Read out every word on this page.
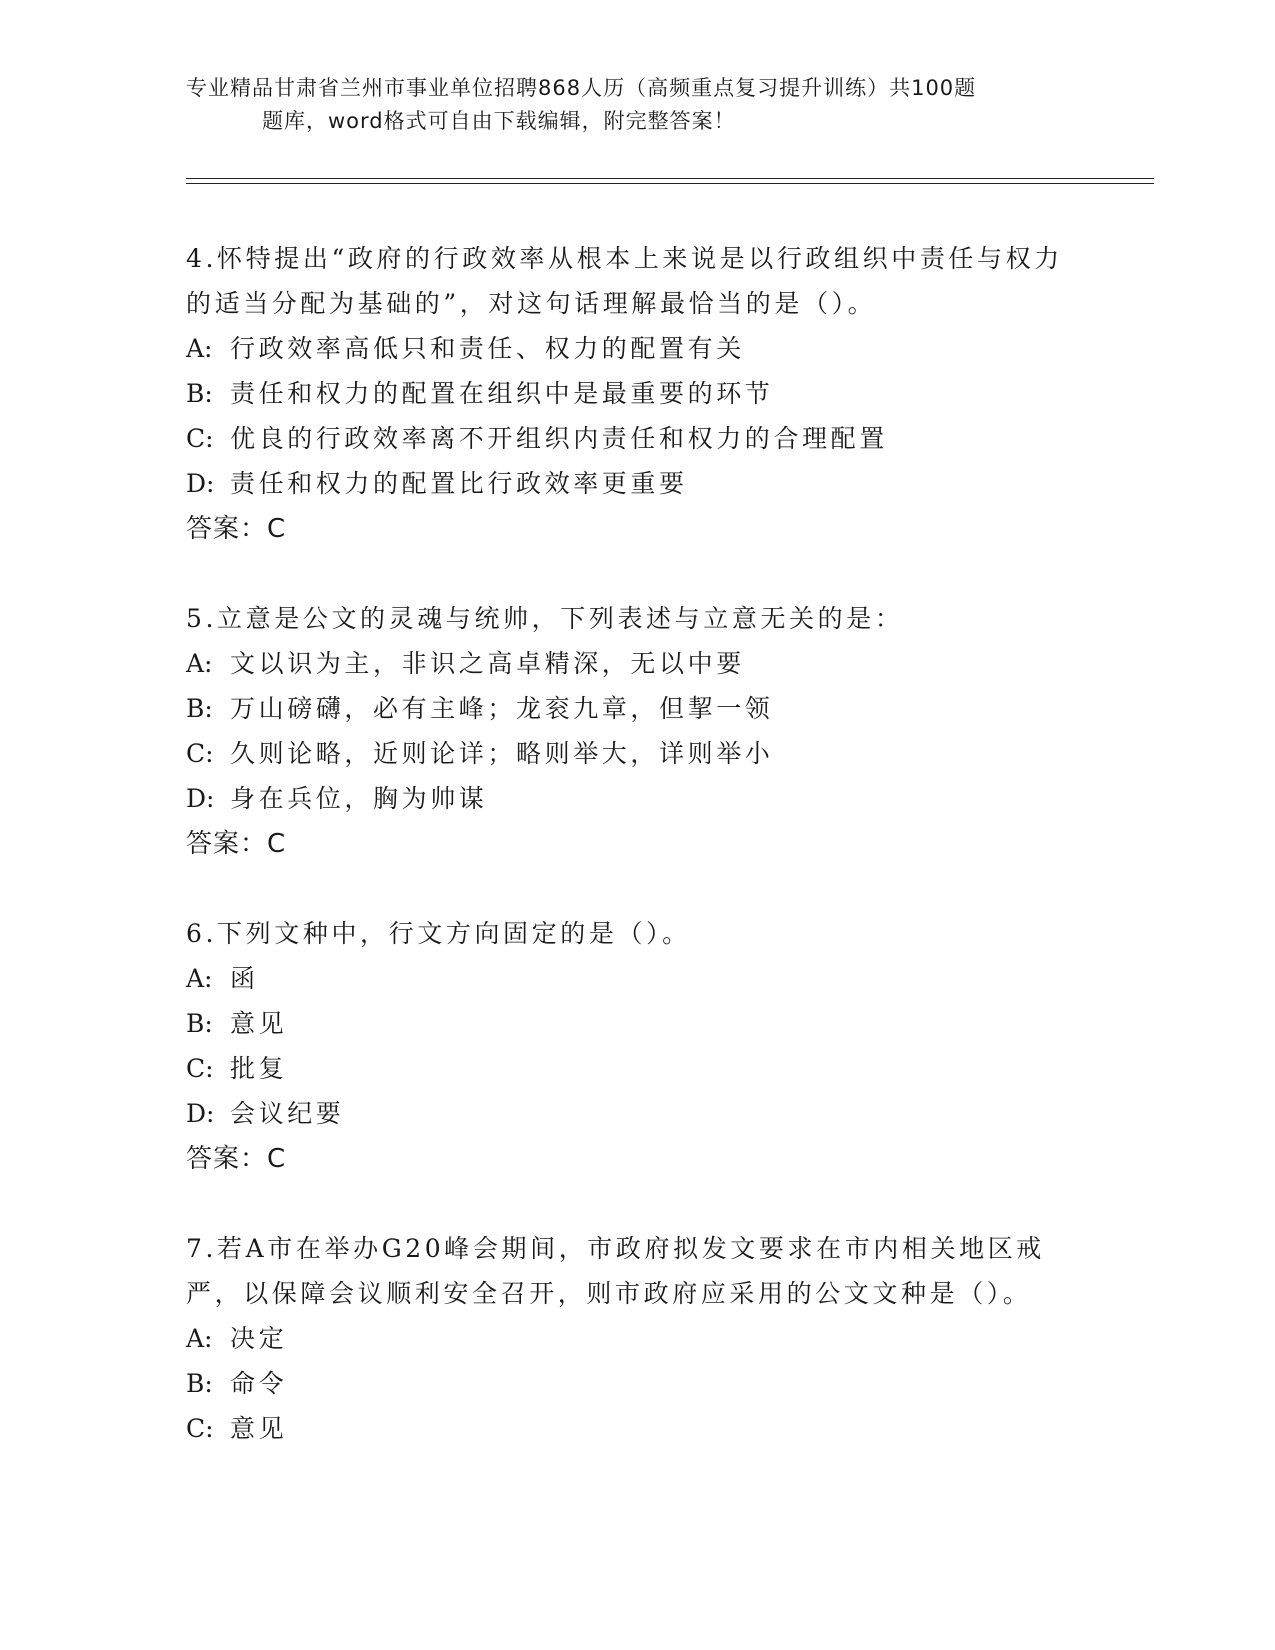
专业精品甘肃省兰州市事业单位招聘868人历（高频重点复习提升训练）共100题
题库，word格式可自由下载编辑，附完整答案！

4.怀特提出“政府的行政效率从根本上来说是以行政组织中责任与权力的适当分配为基础的”，对这句话理解最恰当的是（）。

A: 行政效率高低只和责任、权力的配置有关
B: 责任和权力的配置在组织中是最重要的环节
C: 优良的行政效率离不开组织内责任和权力的合理配置
D: 责任和权力的配置比行政效率更重要
答案：C

5.立意是公文的灵魂与统帅，下列表述与立意无关的是：

A: 文以识为主，非识之高卓精深，无以中要
B: 万山磅礴，必有主峰；龙衮九章，但挈一领
C: 久则论略，近则论详；略则举大，详则举小
D: 身在兵位，胸为帅谋
答案：C

6.下列文种中，行文方向固定的是（）。

A: 函
B: 意见
C: 批复
D: 会议纪要
答案：C

7.若A市在举办G20峰会期间，市政府拟发文要求在市内相关地区戒严，以保障会议顺利安全召开，则市政府应采用的公文文种是（）。

A: 决定
B: 命令
C: 意见
